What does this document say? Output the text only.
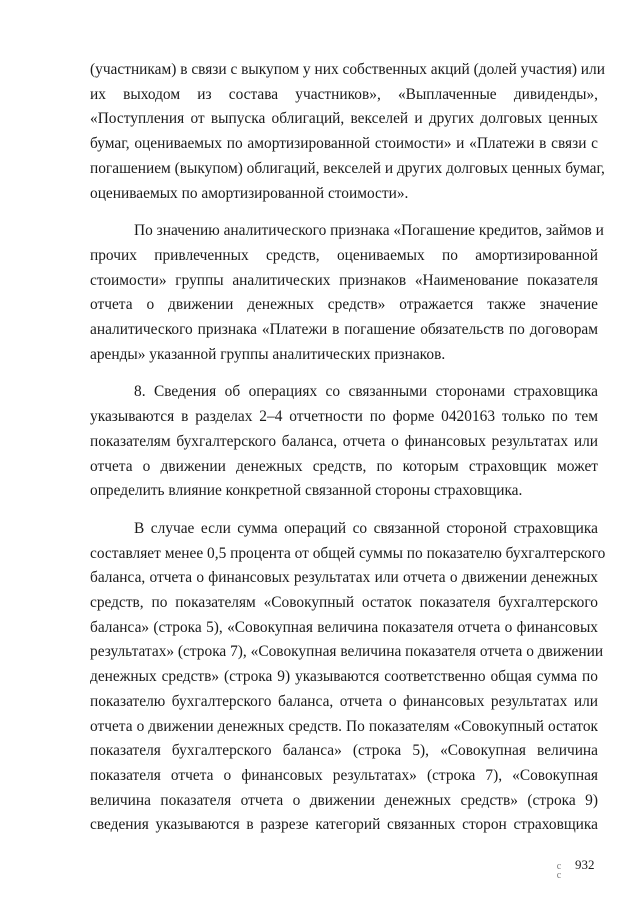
(участникам) в связи с выкупом у них собственных акций (долей участия) или
их выходом из состава участников», «Выплаченные дивиденды»,
«Поступления от выпуска облигаций, векселей и других долговых ценных
бумаг, оцениваемых по амортизированной стоимости» и «Платежи в связи с
погашением (выкупом) облигаций, векселей и других долговых ценных бумаг,
оцениваемых по амортизированной стоимости».
По значению аналитического признака «Погашение кредитов, займов и
прочих привлеченных средств, оцениваемых по амортизированной
стоимости» группы аналитических признаков «Наименование показателя
отчета о движении денежных средств» отражается также значение
аналитического признака «Платежи в погашение обязательств по договорам
аренды» указанной группы аналитических признаков.
8. Сведения об операциях со связанными сторонами страховщика
указываются в разделах 2–4 отчетности по форме 0420163 только по тем
показателям бухгалтерского баланса, отчета о финансовых результатах или
отчета о движении денежных средств, по которым страховщик может
определить влияние конкретной связанной стороны страховщика.
В случае если сумма операций со связанной стороной страховщика
составляет менее 0,5 процента от общей суммы по показателю бухгалтерского
баланса, отчета о финансовых результатах или отчета о движении денежных
средств, по показателям «Совокупный остаток показателя бухгалтерского
баланса» (строка 5), «Совокупная величина показателя отчета о финансовых
результатах» (строка 7), «Совокупная величина показателя отчета о движении
денежных средств» (строка 9) указываются соответственно общая сумма по
показателю бухгалтерского баланса, отчета о финансовых результатах или
отчета о движении денежных средств. По показателям «Совокупный остаток
показателя бухгалтерского баланса» (строка 5), «Совокупная величина
показателя отчета о финансовых результатах» (строка 7), «Совокупная
величина показателя отчета о движении денежных средств» (строка 9)
сведения указываются в разрезе категорий связанных сторон страховщика
с
с
932
